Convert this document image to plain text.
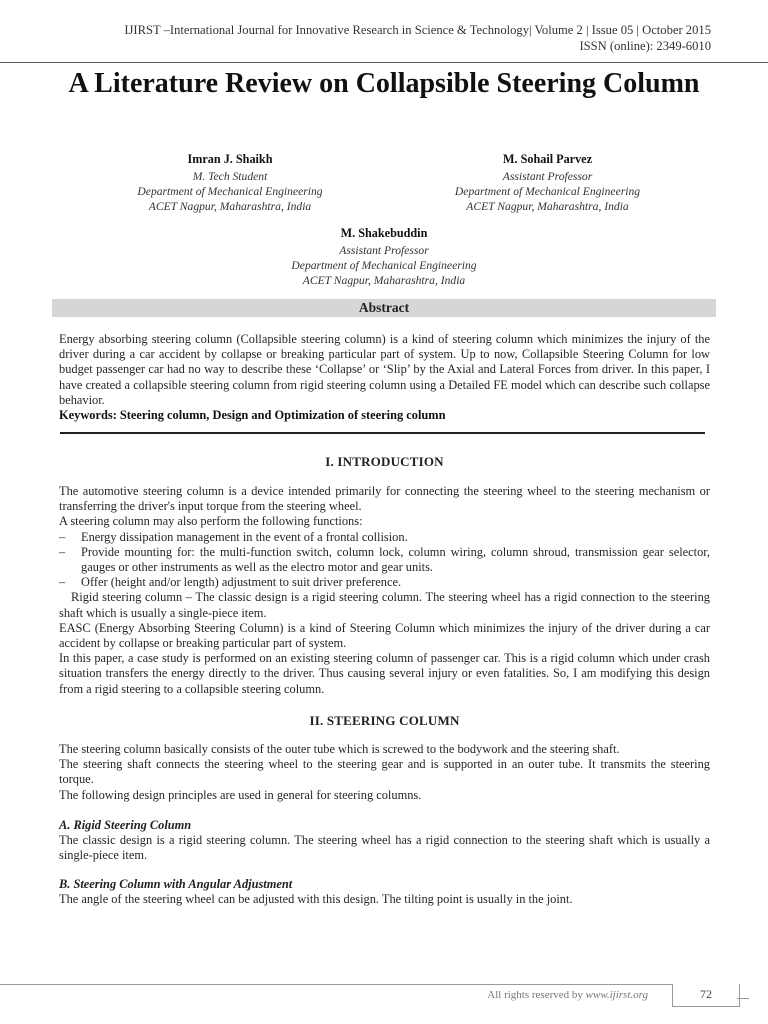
IJIRST –International Journal for Innovative Research in Science & Technology| Volume 2 | Issue 05 | October 2015
ISSN (online): 2349-6010
A Literature Review on Collapsible Steering Column
Imran J. Shaikh
M. Tech Student
Department of Mechanical Engineering
ACET Nagpur, Maharashtra, India
M. Sohail Parvez
Assistant Professor
Department of Mechanical Engineering
ACET Nagpur, Maharashtra, India
M. Shakebuddin
Assistant Professor
Department of Mechanical Engineering
ACET Nagpur, Maharashtra, India
Abstract
Energy absorbing steering column (Collapsible steering column) is a kind of steering column which minimizes the injury of the driver during a car accident by collapse or breaking particular part of system. Up to now, Collapsible Steering Column for low budget passenger car had no way to describe these ‘Collapse’ or ‘Slip’ by the Axial and Lateral Forces from driver. In this paper, I have created a collapsible steering column from rigid steering column using a Detailed FE model which can describe such collapse behavior.
Keywords: Steering column, Design and Optimization of steering column
I. INTRODUCTION
The automotive steering column is a device intended primarily for connecting the steering wheel to the steering mechanism or transferring the driver's input torque from the steering wheel.
A steering column may also perform the following functions:
–	Energy dissipation management in the event of a frontal collision.
–	Provide mounting for: the multi-function switch, column lock, column wiring, column shroud, transmission gear selector, gauges or other instruments as well as the electro motor and gear units.
–	Offer (height and/or length) adjustment to suit driver preference.
Rigid steering column – The classic design is a rigid steering column. The steering wheel has a rigid connection to the steering shaft which is usually a single-piece item.
EASC (Energy Absorbing Steering Column) is a kind of Steering Column which minimizes the injury of the driver during a car accident by collapse or breaking particular part of system.
In this paper, a case study is performed on an existing steering column of passenger car. This is a rigid column which under crash situation transfers the energy directly to the driver. Thus causing several injury or even fatalities. So, I am modifying this design from a rigid steering to a collapsible steering column.
II. STEERING COLUMN
The steering column basically consists of the outer tube which is screwed to the bodywork and the steering shaft.
The steering shaft connects the steering wheel to the steering gear and is supported in an outer tube. It transmits the steering torque.
The following design principles are used in general for steering columns.
A. Rigid Steering Column
The classic design is a rigid steering column. The steering wheel has a rigid connection to the steering shaft which is usually a single-piece item.
B. Steering Column with Angular Adjustment
The angle of the steering wheel can be adjusted with this design. The tilting point is usually in the joint.
All rights reserved by www.ijirst.org	72
